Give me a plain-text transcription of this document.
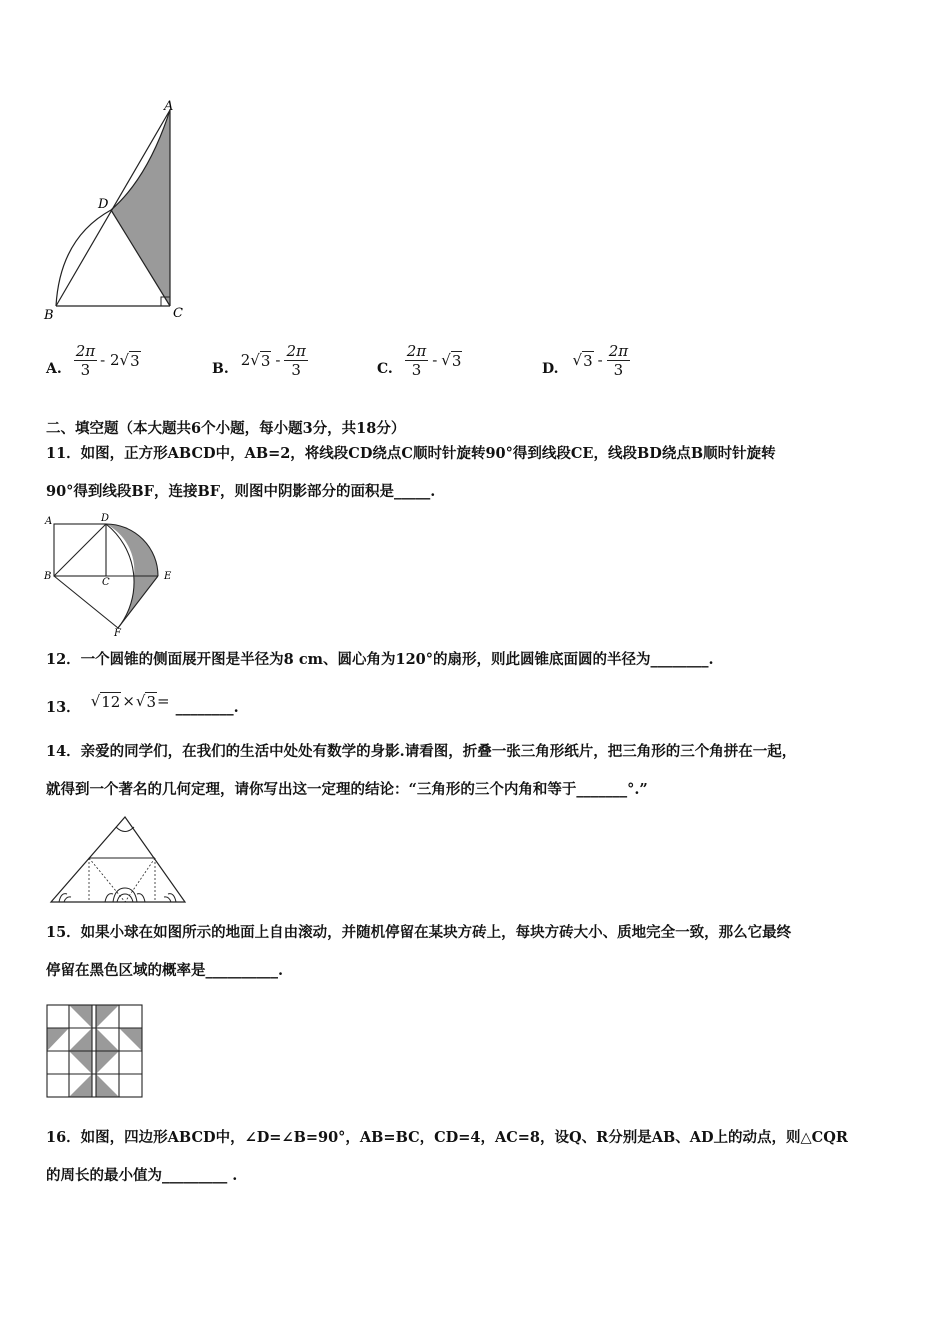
A
D
B	C
A. $\frac{2\pi}{3} - 2$ √ 3	B. 2 √ $3 - \frac{2\pi}{3}$	C. $\frac{2\pi}{3}$ - √ 3	D. √ $3 - \frac{2\pi}{3}$
二、填空题（本大题共6个小题，每小题3分，共18分）
11．如图，正方形ABCD中，AB=2，将线段CD绕点C顺时针旋转90°得到线段CE，线段BD绕点B顺时针旋转
90°得到线段BF，连接BF，则图中阴影部分的面积是_____.
A	D
B
C
E
F
12．一个圆锥的侧面展开图是半径为8 cm、圆心角为120°的扇形，则此圆锥底面圆的半径为________.
13． √ 12 × √ 3 = ________.
14．亲爱的同学们，在我们的生活中处处有数学的身影.请看图，折叠一张三角形纸片，把三角形的三个角拼在一起，
就得到一个著名的几何定理，请你写出这一定理的结论：“三角形的三个内角和等于_______°.”
15．如果小球在如图所示的地面上自由滚动，并随机停留在某块方砖上，每块方砖大小、质地完全一致，那么它最终
停留在黑色区域的概率是__________.
16．如图，四边形ABCD中，∠D=∠B=90°，AB=BC，CD=4，AC=8，设Q、R分别是AB、AD上的动点，则△CQR
的周长的最小值为_________ .
